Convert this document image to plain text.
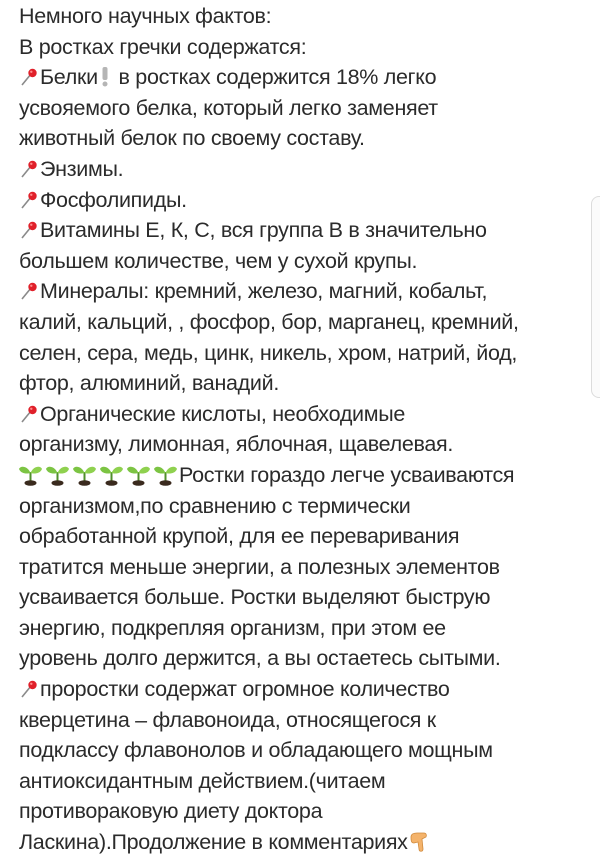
Немного научных фактов:
В ростках гречки содержатся:
Белки
в ростках содержится 18% легко
усвояемого белка, который легко заменяет
животный белок по своему составу.
Энзимы.
Фосфолипиды.
Витамины Е, К, С, вся группа В в значительно
большем количестве, чем у сухой крупы.
Минералы: кремний, железо, магний, кобальт,
калий, кальций, , фосфор, бор, марганец, кремний,
селен, сера, медь, цинк, никель, хром, натрий, йод,
фтор, алюминий, ванадий.
Органические кислоты, необходимые
организму, лимонная, яблочная, щавелевая.
Ростки гораздо легче усваиваются
организмом,по сравнению с термически
обработанной крупой, для ее переваривания
тратится меньше энергии, а полезных элементов
усваивается больше. Ростки выделяют быструю
энергию, подкрепляя организм, при этом ее
уровень долго держится, а вы остаетесь сытыми.
проростки содержат огромное количество
кверцетина – флавоноида, относящегося к
подклассу флавонолов и обладающего мощным
антиоксидантным действием.(читаем
противораковую диету доктора
Ласкина).Продолжение в комментариях
